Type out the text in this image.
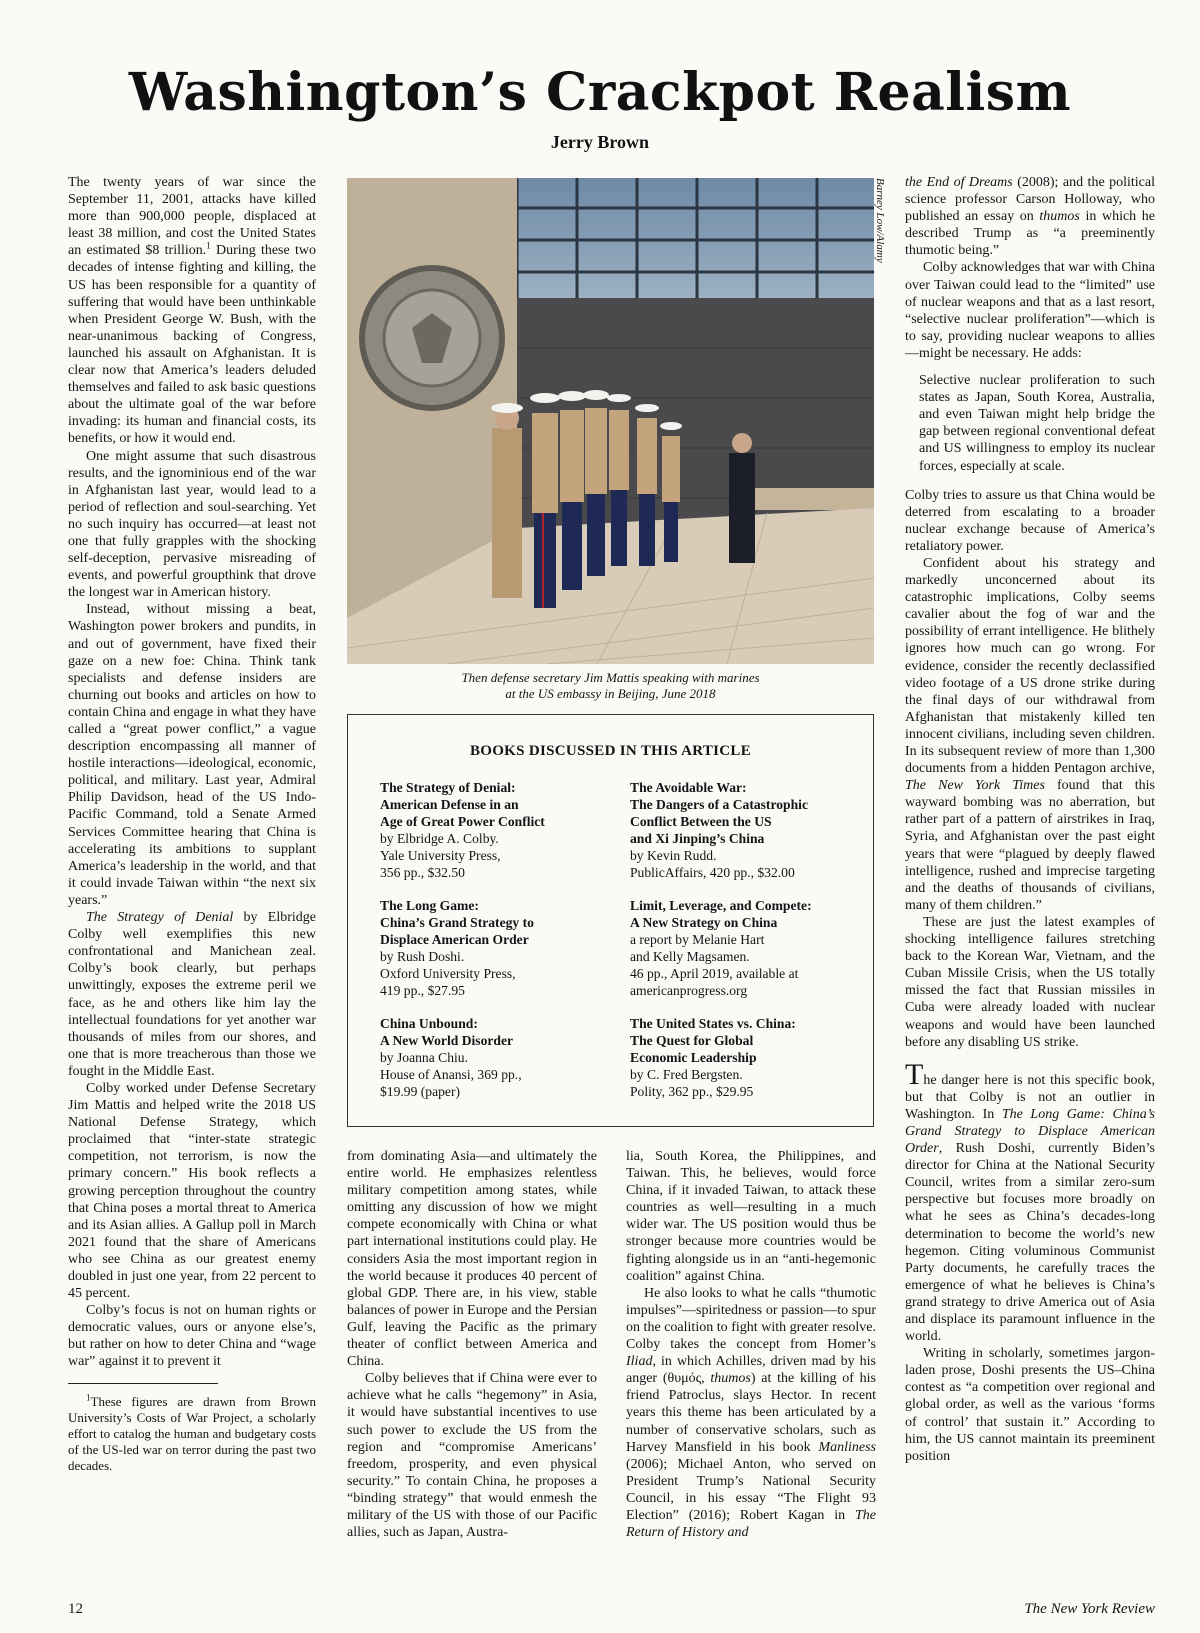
Washington’s Crackpot Realism
Jerry Brown

The twenty years of war since the September 11, 2001, attacks have killed more than 900,000 people, displaced at least 38 million, and cost the United States an estimated $8 trillion.$^1$ During these two decades of intense fighting and killing, the US has been responsible for a quantity of suffering that would have been unthinkable when President George W. Bush, with the near-unanimous backing of Congress, launched his assault on Afghanistan. It is clear now that America’s leaders deluded themselves and failed to ask basic questions about the ultimate goal of the war before invading: its human and financial costs, its benefits, or how it would end.

One might assume that such disastrous results, and the ignominious end of the war in Afghanistan last year, would lead to a period of reflection and soul-searching. Yet no such inquiry has occurred—at least not one that fully grapples with the shocking self-deception, pervasive misreading of events, and powerful groupthink that drove the longest war in American history.

Instead, without missing a beat, Washington power brokers and pundits, in and out of government, have fixed their gaze on a new foe: China. Think tank specialists and defense insiders are churning out books and articles on how to contain China and engage in what they have called a “great power conflict,” a vague description encompassing all manner of hostile interactions—ideological, economic, political, and military. Last year, Admiral Philip Davidson, head of the US Indo-Pacific Command, told a Senate Armed Services Committee hearing that China is accelerating its ambitions to supplant America’s leadership in the world, and that it could invade Taiwan within “the next six years.”

The Strategy of Denial by Elbridge Colby well exemplifies this new confrontational and Manichean zeal. Colby’s book clearly, but perhaps unwittingly, exposes the extreme peril we face, as he and others like him lay the intellectual foundations for yet another war thousands of miles from our shores, and one that is more treacherous than those we fought in the Middle East.

Colby worked under Defense Secretary Jim Mattis and helped write the 2018 US National Defense Strategy, which proclaimed that “inter-state strategic competition, not terrorism, is now the primary concern.” His book reflects a growing perception throughout the country that China poses a mortal threat to America and its Asian allies. A Gallup poll in March 2021 found that the share of Americans who see China as our greatest enemy doubled in just one year, from 22 percent to 45 percent.

Colby’s focus is not on human rights or democratic values, ours or anyone else’s, but rather on how to deter China and “wage war” against it to prevent it

$^1$These figures are drawn from Brown University’s Costs of War Project, a scholarly effort to catalog the human and budgetary costs of the US-led war on terror during the past two decades.

Barney Low/Alamy
Then defense secretary Jim Mattis speaking with marines
at the US embassy in Beijing, June 2018
BOOKS DISCUSSED IN THIS ARTICLE
The Strategy of Denial:
American Defense in an
Age of Great Power Conflict
by Elbridge A. Colby.
Yale University Press,
356 pp., $32.50
The Long Game:
China’s Grand Strategy to
Displace American Order
by Rush Doshi.
Oxford University Press,
419 pp., $27.95
China Unbound:
A New World Disorder
by Joanna Chiu.
House of Anansi, 369 pp.,
$19.99 (paper)
The Avoidable War:
The Dangers of a Catastrophic
Conflict Between the US
and Xi Jinping’s China
by Kevin Rudd.
PublicAffairs, 420 pp., $32.00
Limit, Leverage, and Compete:
A New Strategy on China
a report by Melanie Hart
and Kelly Magsamen.
46 pp., April 2019, available at
americanprogress.org
The United States vs. China:
The Quest for Global
Economic Leadership
by C. Fred Bergsten.
Polity, 362 pp., $29.95

from dominating Asia—and ultimately the entire world. He emphasizes relentless military competition among states, while omitting any discussion of how we might compete economically with China or what part international institutions could play. He considers Asia the most important region in the world because it produces 40 percent of global GDP. There are, in his view, stable balances of power in Europe and the Persian Gulf, leaving the Pacific as the primary theater of conflict between America and China.

Colby believes that if China were ever to achieve what he calls “hegemony” in Asia, it would have substantial incentives to use such power to exclude the US from the region and “compromise Americans’ freedom, prosperity, and even physical security.” To contain China, he proposes a “binding strategy” that would enmesh the military of the US with those of our Pacific allies, such as Japan, Austra-

lia, South Korea, the Philippines, and Taiwan. This, he believes, would force China, if it invaded Taiwan, to attack these countries as well—resulting in a much wider war. The US position would thus be stronger because more countries would be fighting alongside us in an “anti-hegemonic coalition” against China.

He also looks to what he calls “thumotic impulses”—spiritedness or passion—to spur on the coalition to fight with greater resolve. Colby takes the concept from Homer’s Iliad, in which Achilles, driven mad by his anger (θυμός, thumos) at the killing of his friend Patroclus, slays Hector. In recent years this theme has been articulated by a number of conservative scholars, such as Harvey Mansfield in his book Manliness (2006); Michael Anton, who served on President Trump’s National Security Council, in his essay “The Flight 93 Election” (2016); Robert Kagan in The Return of History and

the End of Dreams (2008); and the political science professor Carson Holloway, who published an essay on thumos in which he described Trump as “a preeminently thumotic being.”

Colby acknowledges that war with China over Taiwan could lead to the “limited” use of nuclear weapons and that as a last resort, “selective nuclear proliferation”—which is to say, providing nuclear weapons to allies—might be necessary. He adds:

Selective nuclear proliferation to such states as Japan, South Korea, Australia, and even Taiwan might help bridge the gap between regional conventional defeat and US willingness to employ its nuclear forces, especially at scale.

Colby tries to assure us that China would be deterred from escalating to a broader nuclear exchange because of America’s retaliatory power.

Confident about his strategy and markedly unconcerned about its catastrophic implications, Colby seems cavalier about the fog of war and the possibility of errant intelligence. He blithely ignores how much can go wrong. For evidence, consider the recently declassified video footage of a US drone strike during the final days of our withdrawal from Afghanistan that mistakenly killed ten innocent civilians, including seven children. In its subsequent review of more than 1,300 documents from a hidden Pentagon archive, The New York Times found that this wayward bombing was no aberration, but rather part of a pattern of airstrikes in Iraq, Syria, and Afghanistan over the past eight years that were “plagued by deeply flawed intelligence, rushed and imprecise targeting and the deaths of thousands of civilians, many of them children.”

These are just the latest examples of shocking intelligence failures stretching back to the Korean War, Vietnam, and the Cuban Missile Crisis, when the US totally missed the fact that Russian missiles in Cuba were already loaded with nuclear weapons and would have been launched before any disabling US strike.

The danger here is not this specific book, but that Colby is not an outlier in Washington. In The Long Game: China’s Grand Strategy to Displace American Order, Rush Doshi, currently Biden’s director for China at the National Security Council, writes from a similar zero-sum perspective but focuses more broadly on what he sees as China’s decades-long determination to become the world’s new hegemon. Citing voluminous Communist Party documents, he carefully traces the emergence of what he believes is China’s grand strategy to drive America out of Asia and displace its paramount influence in the world.

Writing in scholarly, sometimes jargon-laden prose, Doshi presents the US–China contest as “a competition over regional and global order, as well as the various ‘forms of control’ that sustain it.” According to him, the US cannot maintain its preeminent position

12	The New York Review
